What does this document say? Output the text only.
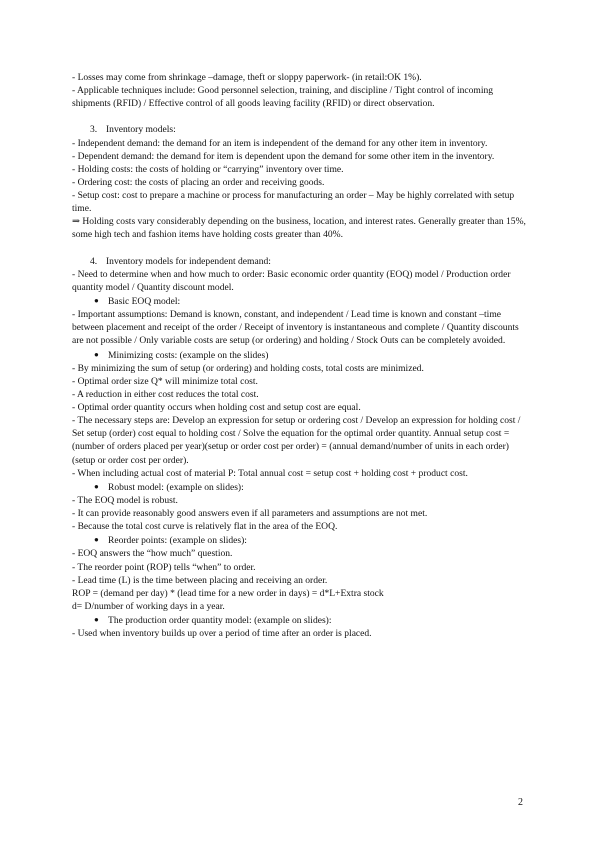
- Losses may come from shrinkage –damage, theft or sloppy paperwork- (in retail:OK 1%).

- Applicable techniques include: Good personnel selection, training, and discipline / Tight control of incoming shipments (RFID) / Effective control of all goods leaving facility (RFID) or direct observation.

3. Inventory models:

- Independent demand: the demand for an item is independent of the demand for any other item in inventory.

- Dependent demand: the demand for item is dependent upon the demand for some other item in the inventory.

- Holding costs: the costs of holding or “carrying” inventory over time.

- Ordering cost: the costs of placing an order and receiving goods.

- Setup cost: cost to prepare a machine or process for manufacturing an order – May be highly correlated with setup time.

⇒ Holding costs vary considerably depending on the business, location, and interest rates. Generally greater than 15%, some high tech and fashion items have holding costs greater than 40%.

4. Inventory models for independent demand:

- Need to determine when and how much to order: Basic economic order quantity (EOQ) model / Production order quantity model / Quantity discount model.

● Basic EOQ model:

- Important assumptions: Demand is known, constant, and independent / Lead time is known and constant –time between placement and receipt of the order / Receipt of inventory is instantaneous and complete / Quantity discounts are not possible / Only variable costs are setup (or ordering) and holding / Stock Outs can be completely avoided.

● Minimizing costs: (example on the slides)

- By minimizing the sum of setup (or ordering) and holding costs, total costs are minimized.

- Optimal order size Q* will minimize total cost.

- A reduction in either cost reduces the total cost.

- Optimal order quantity occurs when holding cost and setup cost are equal.

- The necessary steps are: Develop an expression for setup or ordering cost / Develop an expression for holding cost / Set setup (order) cost equal to holding cost / Solve the equation for the optimal order quantity. Annual setup cost = (number of orders placed per year)(setup or order cost per order) = (annual demand/number of units in each order)(setup or order cost per order).

- When including actual cost of material P: Total annual cost = setup cost + holding cost + product cost.

● Robust model: (example on slides):

- The EOQ model is robust.

- It can provide reasonably good answers even if all parameters and assumptions are not met.

- Because the total cost curve is relatively flat in the area of the EOQ.

● Reorder points: (example on slides):

- EOQ answers the “how much” question.

- The reorder point (ROP) tells “when” to order.

- Lead time (L) is the time between placing and receiving an order.

ROP = (demand per day) * (lead time for a new order in days) = d*L+Extra stock

d= D/number of working days in a year.

● The production order quantity model: (example on slides):

- Used when inventory builds up over a period of time after an order is placed.

2
